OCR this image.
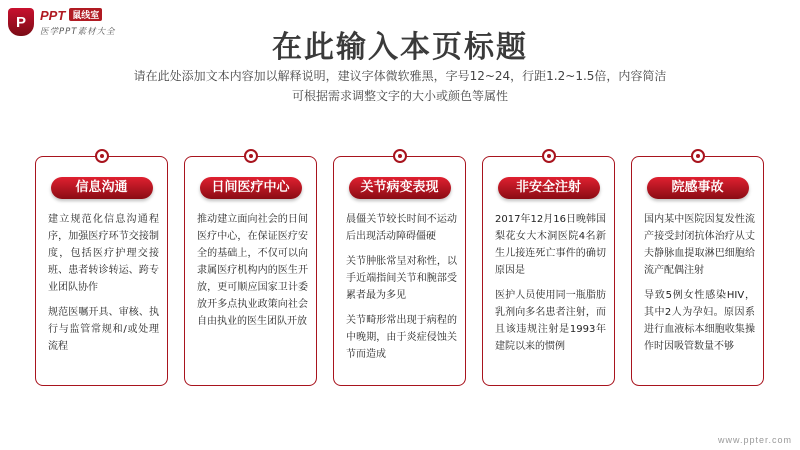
P	PPT 鼠线室
医学PPT素材大全	在此输入本页标题
请在此处添加文本内容加以解释说明，建议字体微软雅黑，字号12~24，行距1.2~1.5倍，内容简洁
可根据需求调整文字的大小或颜色等属性
信息沟通

建立规范化信息沟通程序，加强医疗环节交接制度，包括医疗护理交接班、患者转诊转运、跨专业团队协作

规范医嘱开具、审核、执行与监管常规和/或处理流程

日间医疗中心

推动建立面向社会的日间医疗中心，在保证医疗安全的基础上，不仅可以向隶属医疗机构内的医生开放，更可顺应国家卫计委放开多点执业政策向社会自由执业的医生团队开放

关节病变表现

晨僵关节较长时间不运动后出现活动障碍僵硬

关节肿胀常呈对称性，以手近端指间关节和腕部受累者最为多见

关节畸形常出现于病程的中晚期，由于炎症侵蚀关节而造成

非安全注射

2017年12月16日晚韩国梨花女大木洞医院4名新生儿接连死亡事件的确切原因是

医护人员使用同一瓶脂肪乳剂向多名患者注射，而且该违规注射是1993年建院以来的惯例

院感事故

国内某中医院因复发性流产接受封闭抗体治疗从丈夫静脉血提取淋巴细胞给流产配偶注射

导致5例女性感染HIV，其中2人为孕妇。原因系进行血液标本细胞收集操作时因吸管数量不够

www.ppter.com
